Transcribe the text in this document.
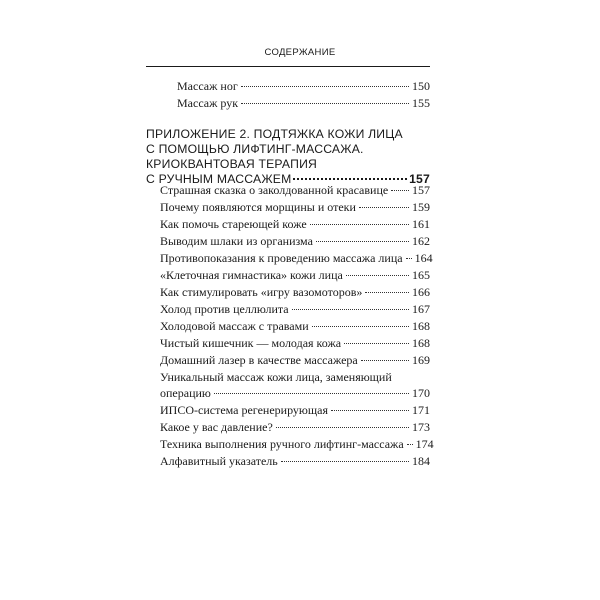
СОДЕРЖАНИЕ
Массаж ног	150
Массаж рук	155
ПРИЛОЖЕНИЕ 2. ПОДТЯЖКА КОЖИ ЛИЦА
С ПОМОЩЬЮ ЛИФТИНГ-МАССАЖА.
КРИОКВАНТОВАЯ ТЕРАПИЯ
С РУЧНЫМ МАССАЖЕМ	157
Страшная сказка о заколдованной красавице 157
Почему появляются морщины и отеки	159
Как помочь стареющей коже	161
Выводим шлаки из организма	162
Противопоказания к проведению массажа лица 164
«Клеточная гимнастика» кожи лица	165
Как стимулировать «игру вазомоторов»	166
Холод против целлюлита	167
Холодовой массаж с травами	168
Чистый кишечник — молодая кожа	168
Домашний лазер в качестве массажера	169
Уникальный массаж кожи лица, заменяющий
операцию	170
ИПСО-система регенерирующая	171
Какое у вас давление?	173
Техника выполнения ручного лифтинг-массажа 174
Алфавитный указатель	184
